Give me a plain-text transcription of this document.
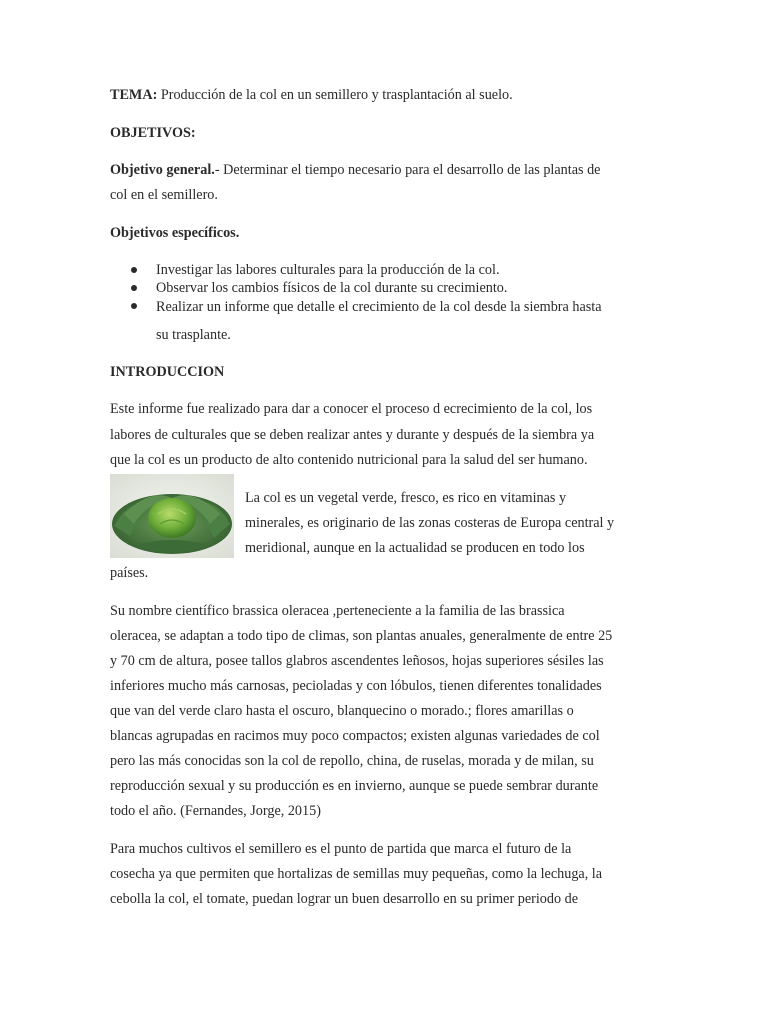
TEMA: Producción de la col en un semillero y trasplantación al suelo.
OBJETIVOS:
Objetivo general.- Determinar el tiempo necesario para el desarrollo de las plantas de
col en el semillero.
Objetivos específicos.
Investigar las labores culturales para la producción de la col.
Observar los cambios físicos de la col durante su crecimiento.
Realizar un informe que detalle el crecimiento de la col desde la siembra hasta
su trasplante.
INTRODUCCION
Este informe fue realizado para dar a conocer el proceso d ecrecimiento de la col, los
labores de culturales que se deben realizar antes y durante y después de la siembra ya
que la col es un producto de alto contenido nutricional para la salud del ser humano.
La col es un vegetal verde, fresco, es rico en vitaminas y
minerales, es originario de las zonas costeras de Europa central y
meridional, aunque en la actualidad se producen en todo los
países.
Su nombre científico brassica oleracea ,perteneciente a la familia de las brassica
oleracea, se adaptan a todo tipo de climas, son plantas anuales, generalmente de entre 25
y 70 cm de altura, posee tallos glabros ascendentes leñosos, hojas superiores sésiles las
inferiores mucho más carnosas, pecioladas y con lóbulos, tienen diferentes tonalidades
que van del verde claro hasta el oscuro, blanquecino o morado.; flores amarillas o
blancas agrupadas en racimos muy poco compactos; existen algunas variedades de col
pero las más conocidas son la col de repollo, china, de ruselas, morada y de milan, su
reproducción sexual y su producción es en invierno, aunque se puede sembrar durante
todo el año. (Fernandes, Jorge, 2015)
Para muchos cultivos el semillero es el punto de partida que marca el futuro de la
cosecha ya que permiten que hortalizas de semillas muy pequeñas, como la lechuga, la
cebolla la col, el tomate, puedan lograr un buen desarrollo en su primer periodo de
